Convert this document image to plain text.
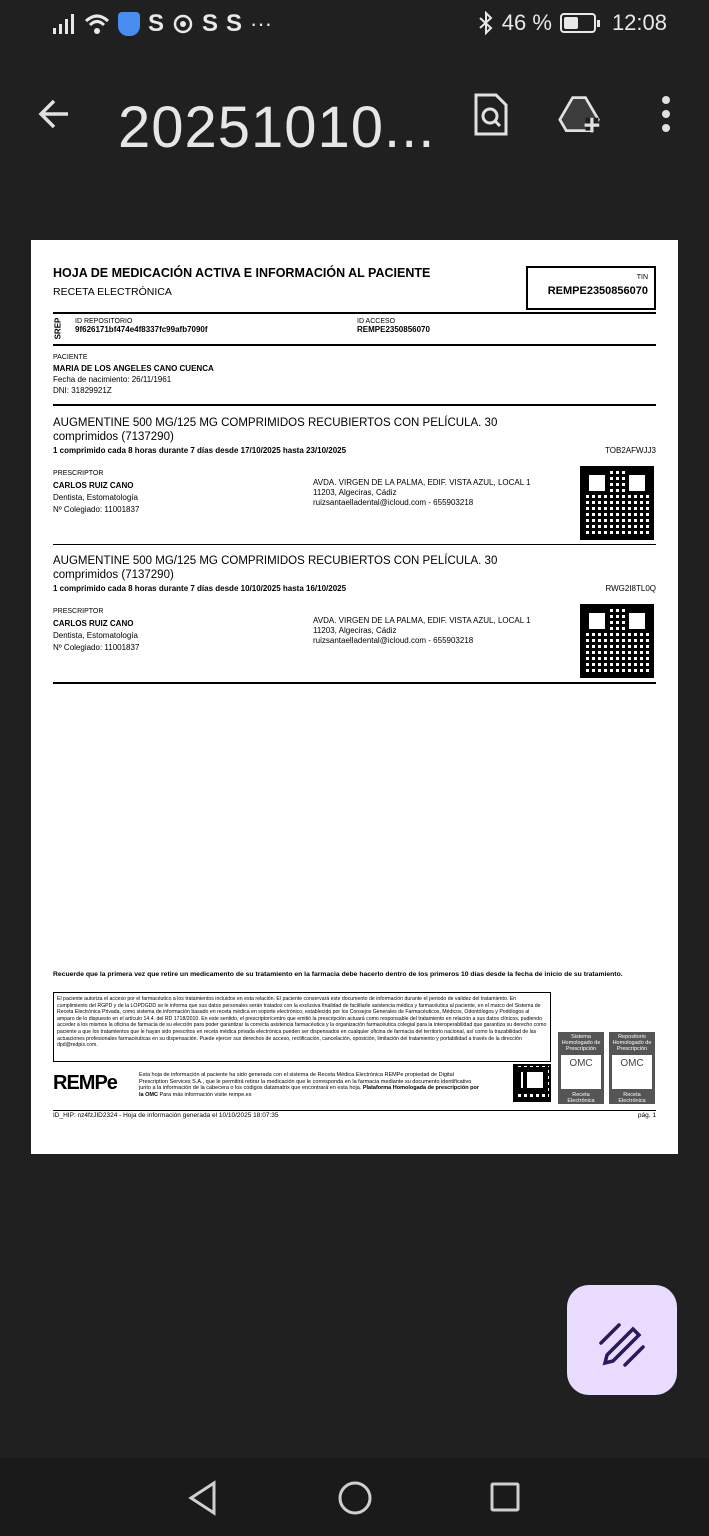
S S S ···	46 %	12:08
20251010...
HOJA DE MEDICACIÓN ACTIVA E INFORMACIÓN AL PACIENTE
RECETA ELECTRÓNICA
TIN
REMPE2350856070
SREP ID REPOSITORIO
9f626171bf474e4f8337fc99afb7090f
ID ACCESO
REMPE2350856070
PACIENTE
MARIA DE LOS ANGELES CANO CUENCA
Fecha de nacimiento: 26/11/1961
DNI: 31829921Z
AUGMENTINE 500 MG/125 MG COMPRIMIDOS RECUBIERTOS CON PELÍCULA. 30 comprimidos (7137290)
1 comprimido cada 8 horas durante 7 días desde 17/10/2025 hasta 23/10/2025	TOB2AFWJJ3
PRESCRIPTOR
CARLOS RUIZ CANO
Dentista, Estomatología
Nº Colegiado: 11001837
AVDA. VIRGEN DE LA PALMA, EDIF. VISTA AZUL, LOCAL 1
11203, Algeciras, Cádiz
ruizsantaelladental@icloud.com - 655903218
AUGMENTINE 500 MG/125 MG COMPRIMIDOS RECUBIERTOS CON PELÍCULA. 30 comprimidos (7137290)
1 comprimido cada 8 horas durante 7 días desde 10/10/2025 hasta 16/10/2025	RWG2I8TL0Q
PRESCRIPTOR
CARLOS RUIZ CANO
Dentista, Estomatología
Nº Colegiado: 11001837
AVDA. VIRGEN DE LA PALMA, EDIF. VISTA AZUL, LOCAL 1
11203, Algeciras, Cádiz
ruizsantaelladental@icloud.com - 655903218
Recuerde que la primera vez que retire un medicamento de su tratamiento en la farmacia debe hacerlo dentro de los primeros 10 días desde la fecha de inicio de su tratamiento.
El paciente autoriza el acceso por el farmacéutico a los tratamientos incluidos en esta relación. El paciente conservará este documento de información durante el periodo de validez del tratamiento. En cumplimiento del RGPD y de la LOPDGDD se le informa que sus datos personales serán tratados con la exclusiva finalidad de facilitarle asistencia médica y farmacéutica al paciente, en el marco del Sistema de Receta Electrónica Privada, como sistema de información basado en receta médica en soporte electrónico, establecido por los Consejos Generales de Farmacéuticos, Médicos, Odontólogos y Podólogos al amparo de lo dispuesto en el artículo 14.4. del RD 1718/2010. En este sentido, el prescriptor/centro que emitió la prescripción actuará como responsable del tratamiento en relación a sus datos clínicos, pudiendo acceder a los mismos la oficina de farmacia de su elección para poder garantizar la correcta asistencia farmacéutica y la organización farmacéutica colegial para la interoperabilidad que garantiza su derecho como paciente a que los tratamientos que le hayan sido prescritos en receta médica privada electrónica pueden ser dispensados en cualquier oficina de farmacia del territorio nacional, así como la trazabilidad de las actuaciones profesionales farmacéuticas en su dispensación. Puede ejercer sus derechos de acceso, rectificación, cancelación, oposición, limitación del tratamiento y portabilidad a través de la dirección dpd@redpis.com.
Sistema Homologado de Prescripción
OMC
Receta Electrónica Privada
Repositorio Homologado de Prescripción
OMC
Receta Electrónica Privada
REMPe	Esta hoja de información al paciente ha sido generada con el sistema de Receta Médica Electrónica REMPe propiedad de Digital Prescription Services S.A., que le permitirá retirar la medicación que le corresponda en la farmacia mediante su documento identificativo junto a la información de la cabecera o los códigos datamatrix que encontrará en esta hoja. Plataforma Homologada de prescripción por la OMC Para más información visite rempe.es
ID_HIP: nz4fzJID2324 - Hoja de información generada el 10/10/2025 18:07:35	pág. 1
